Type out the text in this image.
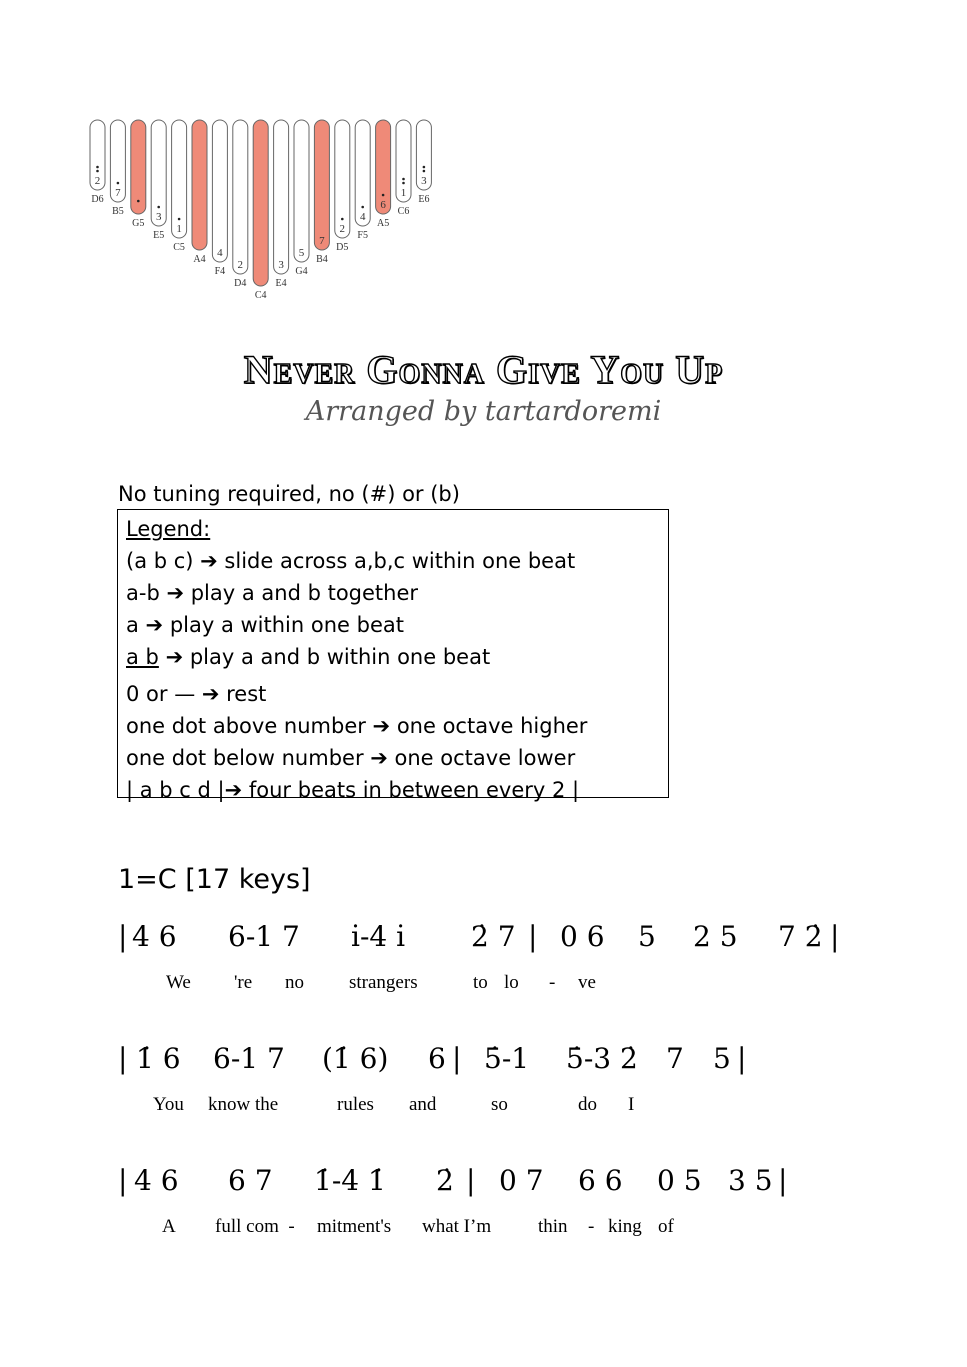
2
D6
7
B5
G5
3
E5
1
C5
A4
4
F4
2
D4
C4
3
E4
5
G4
7
B4
2
D5
4
F5
6
A5
1
C6
3
E6
Never Gonna Give You Up
Arranged by tartardoremi
No tuning required, no (#) or (b)
Legend:
(a b c) ➔ slide across a,b,c within one beat
a-b ➔ play a and b together
a ➔ play a within one beat
a b ➔ play a and b within one beat
0 or — ➔ rest
one dot above number ➔ one octave higher
one dot below number ➔ one octave lower
| a b c d |➔ four beats in between every 2 |
1=C [17 keys]
| 4 6 6-1 7 i̇-4 i̇ 2̇ 7 | 0 6 5 2 5 7 2̇ |
We 're no strangers	to lo - ve
| 1̇ 6 6-1 7 (1̇ 6) 6 | 5̇-1 5̇-3 2̇ 7 5 |
You know the	rules and	so	do I
| 4 6 6 7 1̇-4 1̇ 2̇ | 0 7 6 6 0 5 3 5 |
A full com  - mitment's what I’m thin - king of
